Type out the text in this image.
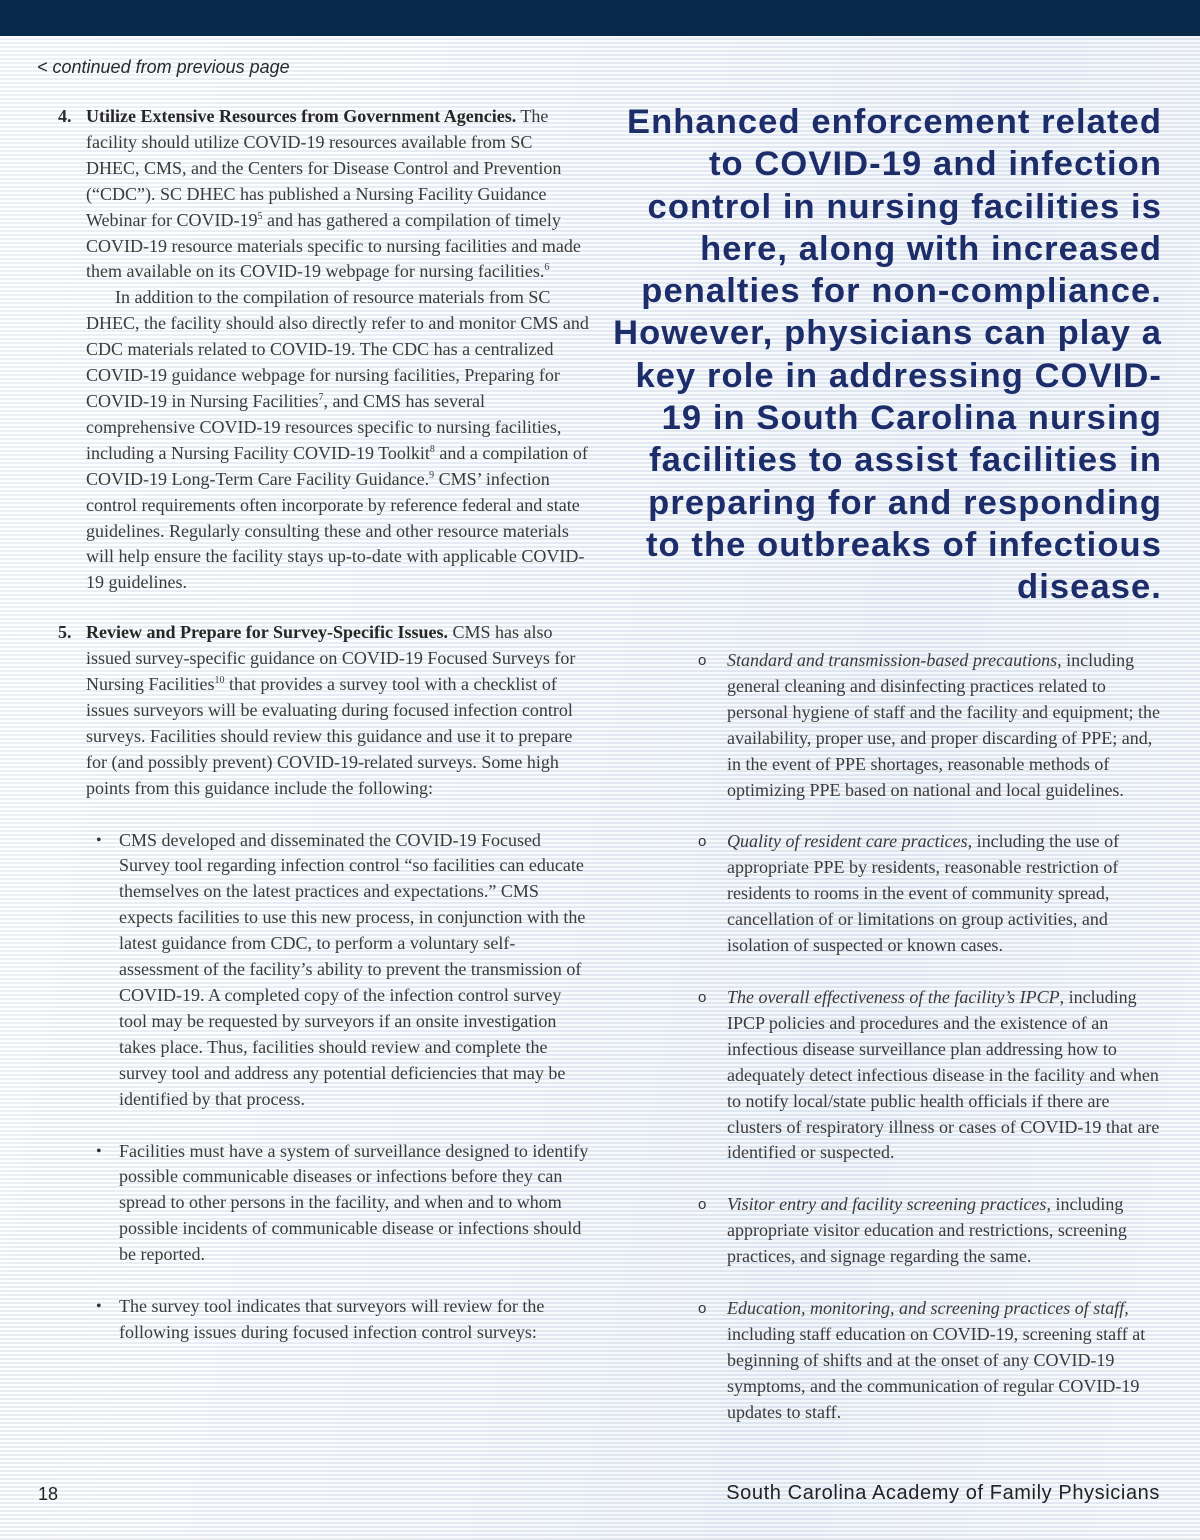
< continued from previous page
4. Utilize Extensive Resources from Government Agencies. The facility should utilize COVID-19 resources available from SC DHEC, CMS, and the Centers for Disease Control and Prevention (“CDC”). SC DHEC has published a Nursing Facility Guidance Webinar for COVID-$19^5$ and has gathered a compilation of timely COVID-19 resource materials specific to nursing facilities and made them available on its COVID-19 webpage for nursing facilities.$^6$

In addition to the compilation of resource materials from SC DHEC, the facility should also directly refer to and monitor CMS and CDC materials related to COVID-19. The CDC has a centralized COVID-19 guidance webpage for nursing facilities, Preparing for COVID-19 in Nursing Facilities$^7$, and CMS has several comprehensive COVID-19 resources specific to nursing facilities, including a Nursing Facility COVID-19 Toolkit$^8$ and a compilation of COVID-19 Long-Term Care Facility Guidance.$^9$ CMS’ infection control requirements often incorporate by reference federal and state guidelines. Regularly consulting these and other resource materials will help ensure the facility stays up-to-date with applicable COVID-19 guidelines.

5. Review and Prepare for Survey-Specific Issues. CMS has also issued survey-specific guidance on COVID-19 Focused Surveys for Nursing Facilities$^{10}$ that provides a survey tool with a checklist of issues surveyors will be evaluating during focused infection control surveys. Facilities should review this guidance and use it to prepare for (and possibly prevent) COVID-19-related surveys. Some high points from this guidance include the following:

• CMS developed and disseminated the COVID-19 Focused Survey tool regarding infection control “so facilities can educate themselves on the latest practices and expectations.” CMS expects facilities to use this new process, in conjunction with the latest guidance from CDC, to perform a voluntary self-assessment of the facility’s ability to prevent the transmission of COVID-19. A completed copy of the infection control survey tool may be requested by surveyors if an onsite investigation takes place. Thus, facilities should review and complete the survey tool and address any potential deficiencies that may be identified by that process.
• Facilities must have a system of surveillance designed to identify possible communicable diseases or infections before they can spread to other persons in the facility, and when and to whom possible incidents of communicable disease or infections should be reported.
• The survey tool indicates that surveyors will review for the following issues during focused infection control surveys:
Enhanced enforcement related to COVID-19 and infection control in nursing facilities is here, along with increased penalties for non-compliance. However, physicians can play a key role in addressing COVID-19 in South Carolina nursing facilities to assist facilities in preparing for and responding to the outbreaks of infectious disease.
o Standard and transmission-based precautions, including general cleaning and disinfecting practices related to personal hygiene of staff and the facility and equipment; the availability, proper use, and proper discarding of PPE; and, in the event of PPE shortages, reasonable methods of optimizing PPE based on national and local guidelines.
o Quality of resident care practices, including the use of appropriate PPE by residents, reasonable restriction of residents to rooms in the event of community spread, cancellation of or limitations on group activities, and isolation of suspected or known cases.
o The overall effectiveness of the facility’s IPCP, including IPCP policies and procedures and the existence of an infectious disease surveillance plan addressing how to adequately detect infectious disease in the facility and when to notify local/state public health officials if there are clusters of respiratory illness or cases of COVID-19 that are identified or suspected.
o Visitor entry and facility screening practices, including appropriate visitor education and restrictions, screening practices, and signage regarding the same.
o Education, monitoring, and screening practices of staff, including staff education on COVID-19, screening staff at beginning of shifts and at the onset of any COVID-19 symptoms, and the communication of regular COVID-19 updates to staff.
18	South Carolina Academy of Family Physicians
